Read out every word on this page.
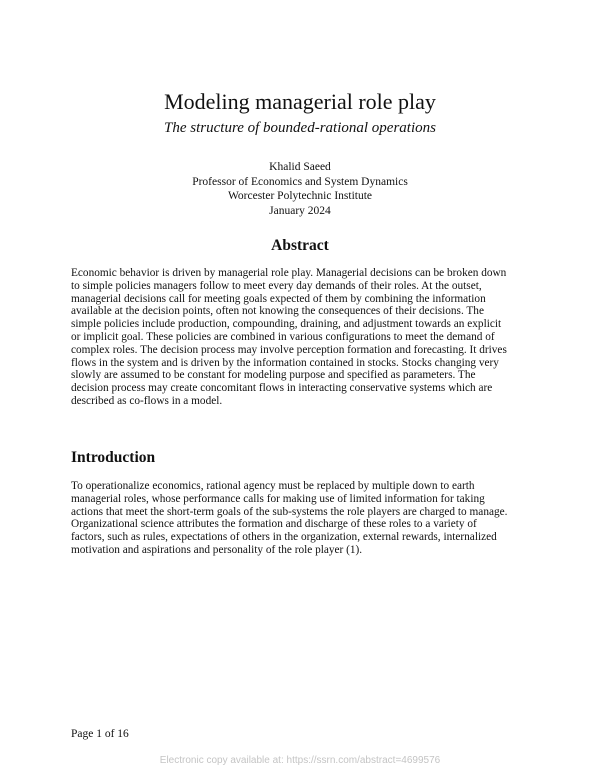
Modeling managerial role play
The structure of bounded-rational operations
Khalid Saeed
Professor of Economics and System Dynamics
Worcester Polytechnic Institute
January 2024
Abstract
Economic behavior is driven by managerial role play. Managerial decisions can be broken down
to simple policies managers follow to meet every day demands of their roles. At the outset,
managerial decisions call for meeting goals expected of them by combining the information
available at the decision points, often not knowing the consequences of their decisions. The
simple policies include production, compounding, draining, and adjustment towards an explicit
or implicit goal. These policies are combined in various configurations to meet the demand of
complex roles. The decision process may involve perception formation and forecasting. It drives
flows in the system and is driven by the information contained in stocks. Stocks changing very
slowly are assumed to be constant for modeling purpose and specified as parameters. The
decision process may create concomitant flows in interacting conservative systems which are
described as co-flows in a model.
Introduction
To operationalize economics, rational agency must be replaced by multiple down to earth
managerial roles, whose performance calls for making use of limited information for taking
actions that meet the short-term goals of the sub-systems the role players are charged to manage.
Organizational science attributes the formation and discharge of these roles to a variety of
factors, such as rules, expectations of others in the organization, external rewards, internalized
motivation and aspirations and personality of the role player (1).
Page 1 of 16
Electronic copy available at: https://ssrn.com/abstract=4699576
